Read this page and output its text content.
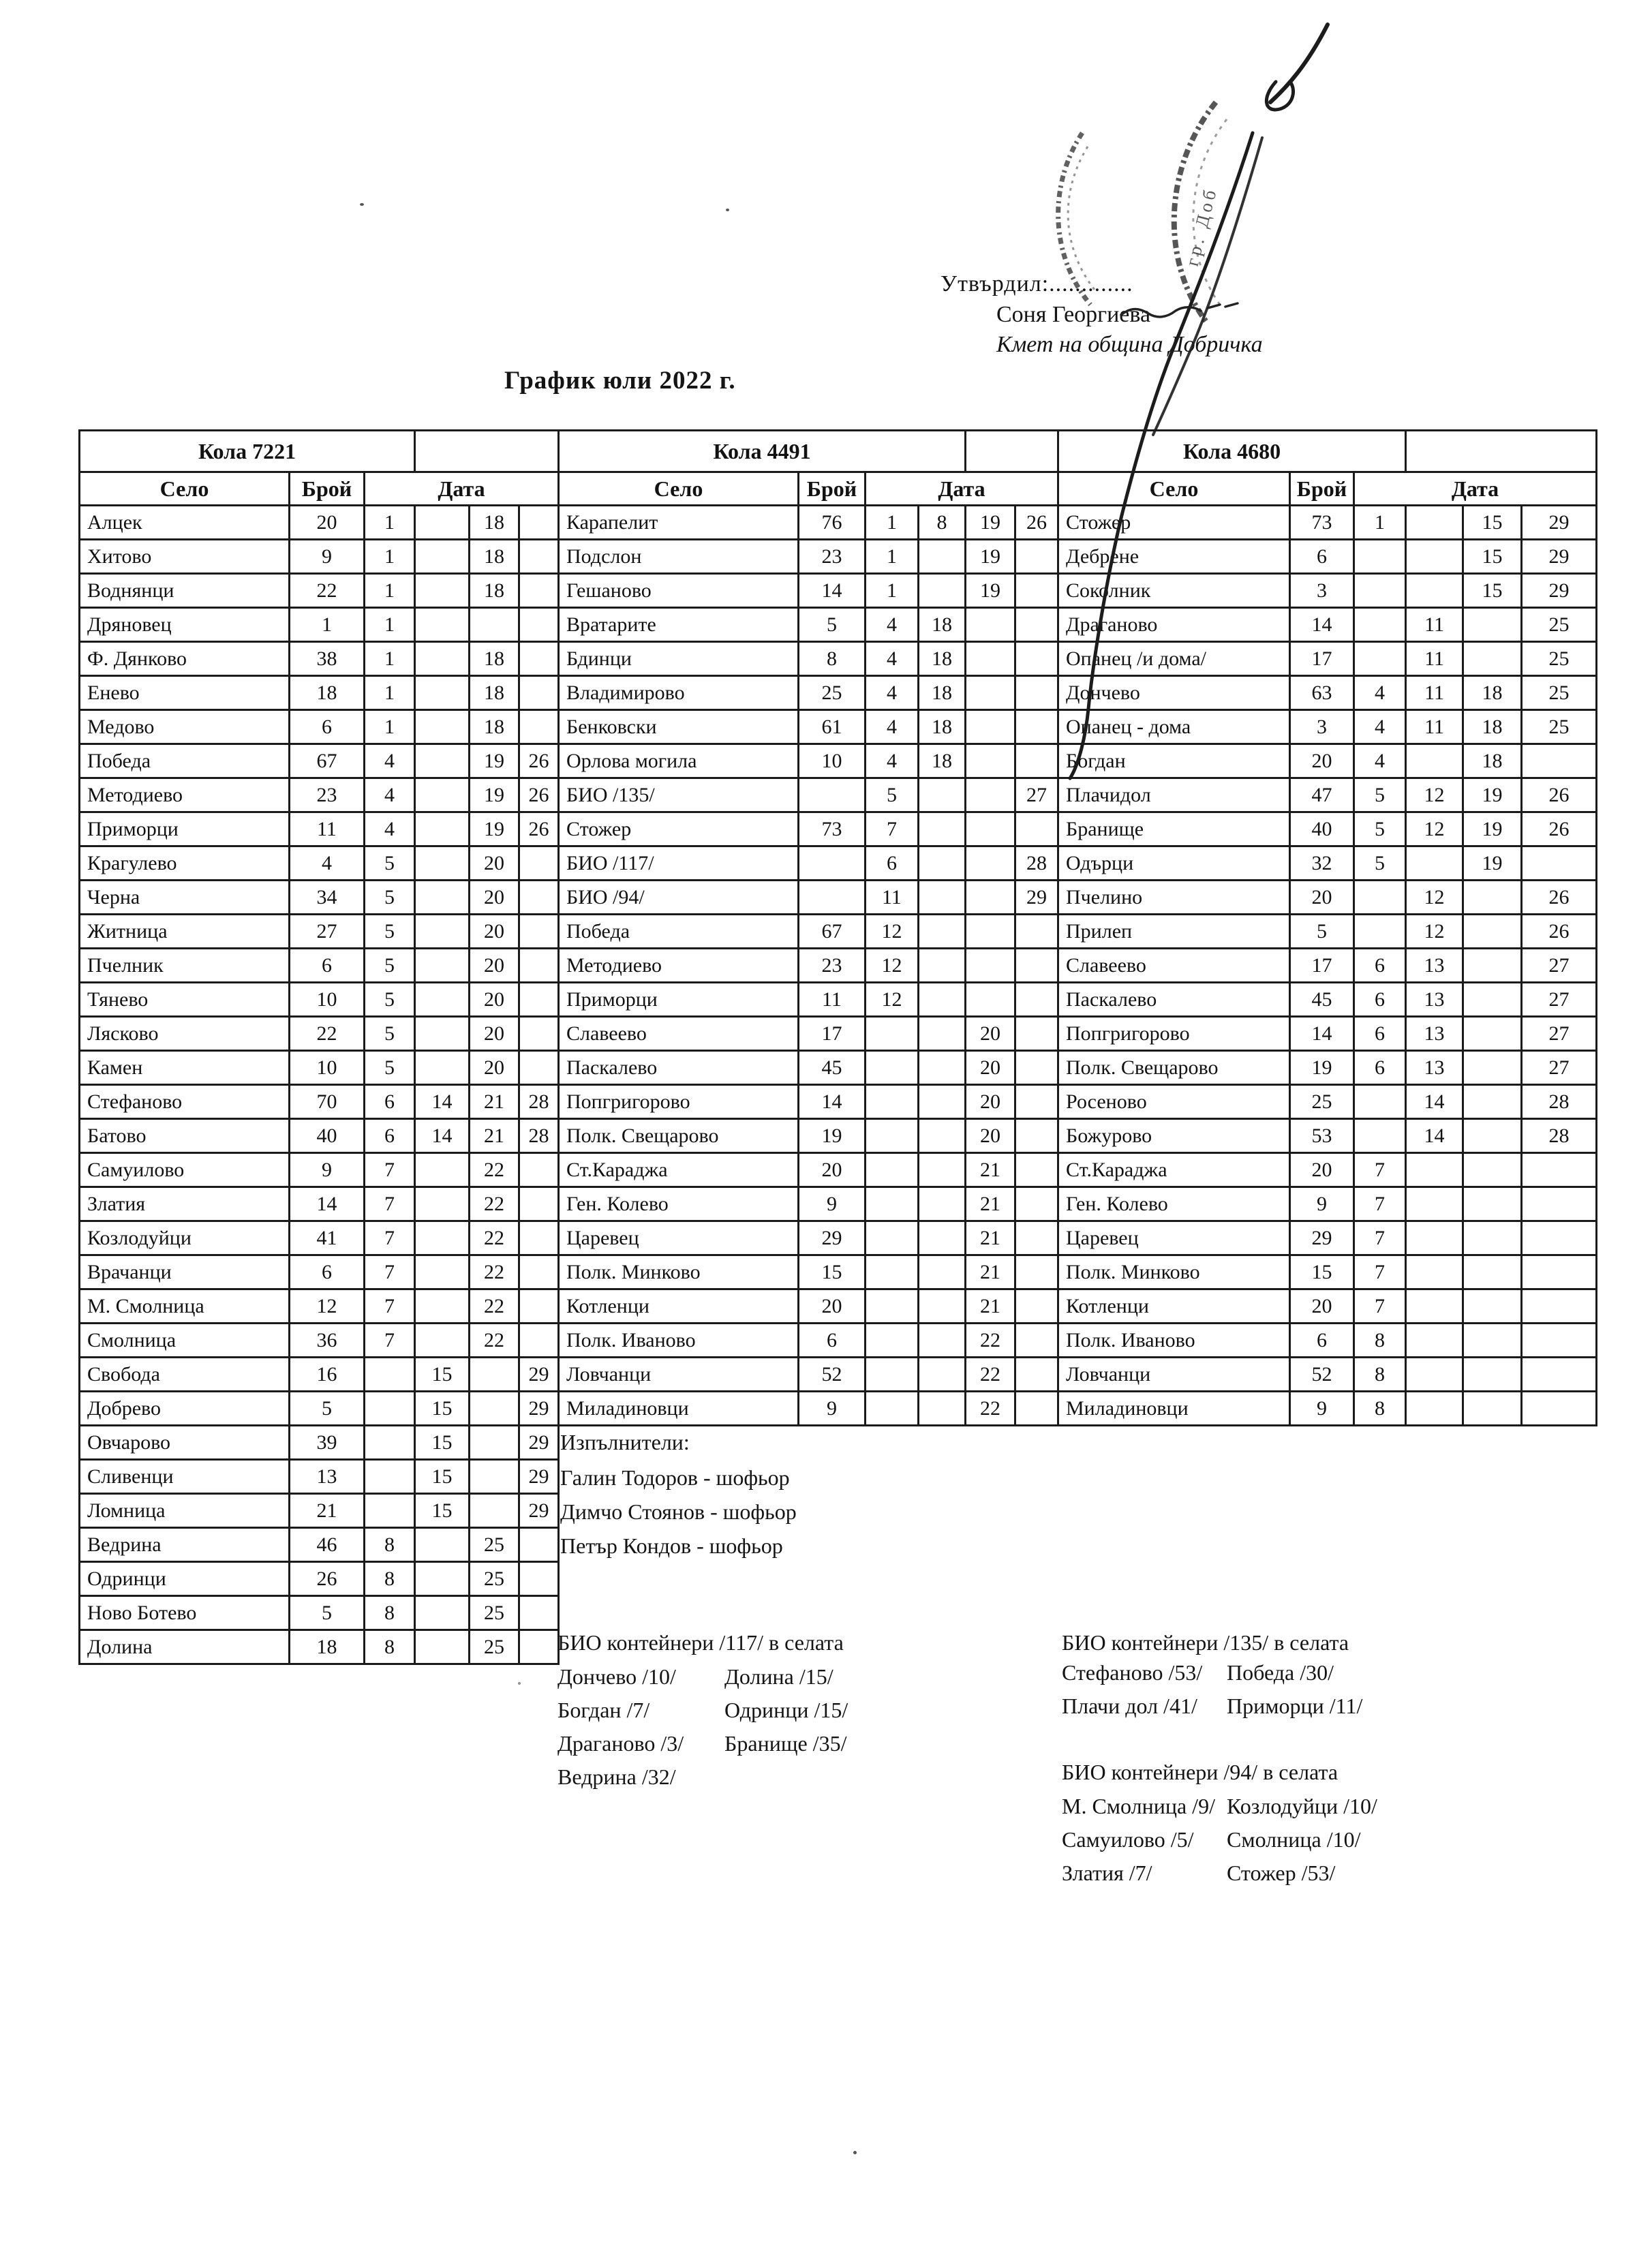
Утвърдил:.............
Соня Георгиева
Кмет на община Добричка
График юли 2022 г.
Кола 7221					
Село	Брой	Дата			
Алцек	20	1		18	
Хитово	9	1		18	
Воднянци	22	1		18	
Дряновец	1	1			
Ф. Дянково	38	1		18	
Енево	18	1		18	
Медово	6	1		18	
Победа	67	4		19	26
Методиево	23	4		19	26
Приморци	11	4		19	26
Крагулево	4	5		20	
Черна	34	5		20	
Житница	27	5		20	
Пчелник	6	5		20	
Тянево	10	5		20	
Лясково	22	5		20	
Камен	10	5		20	
Стефаново	70	6	14	21	28
Батово	40	6	14	21	28
Самуилово	9	7		22	
Златия	14	7		22	
Козлодуйци	41	7		22	
Врачанци	6	7		22	
М. Смолница	12	7		22	
Смолница	36	7		22	
Свобода	16		15		29
Добрево	5		15		29
Овчарово	39		15		29
Сливенци	13		15		29
Ломница	21		15		29
Ведрина	46	8		25	
Одринци	26	8		25	
Ново Ботево	5	8		25	
Долина	18	8		25	
Кола 4491					
Село	Брой	Дата			
Карапелит	76	1	8	19	26
Подслон	23	1		19	
Гешаново	14	1		19	
Вратарите	5	4	18		
Бдинци	8	4	18		
Владимирово	25	4	18		
Бенковски	61	4	18		
Орлова могила	10	4	18		
БИО /135/		5			27
Стожер	73	7			
БИО /117/		6			28
БИО /94/		11			29
Победа	67	12			
Методиево	23	12			
Приморци	11	12			
Славеево	17			20	
Паскалево	45			20	
Попгригорово	14			20	
Полк. Свещарово	19			20	
Ст.Караджа	20			21	
Ген. Колево	9			21	
Царевец	29			21	
Полк. Минково	15			21	
Котленци	20			21	
Полк. Иваново	6			22	
Ловчанци	52			22	
Миладиновци	9			22	
Кола 4680					
Село	Брой	Дата			
Стожер	73	1		15	29
Дебрене	6			15	29
Соколник	3			15	29
Драганово	14		11		25
Опанец /и дома/	17		11		25
Дончево	63	4	11	18	25
Опанец - дома	3	4	11	18	25
Богдан	20	4		18	
Плачидол	47	5	12	19	26
Бранище	40	5	12	19	26
Одърци	32	5		19	
Пчелино	20		12		26
Прилеп	5		12		26
Славеево	17	6	13		27
Паскалево	45	6	13		27
Попгригорово	14	6	13		27
Полк. Свещарово	19	6	13		27
Росеново	25		14		28
Божурово	53		14		28
Ст.Караджа	20	7			
Ген. Колево	9	7			
Царевец	29	7			
Полк. Минково	15	7			
Котленци	20	7			
Полк. Иваново	6	8			
Ловчанци	52	8			
Миладиновци	9	8			
Изпълнители:
Галин Тодоров - шофьор
Димчо Стоянов - шофьор
Петър Кондов - шофьор
БИО контейнери /117/ в селата
Дончево /10/
Богдан /7/
Драганово /3/
Ведрина /32/
Долина /15/
Одринци /15/
Бранище /35/
БИО контейнери /135/ в селата
Стефаново /53/
Плачи дол /41/
Победа /30/
Приморци /11/
БИО контейнери /94/ в селата
М. Смолница /9/
Самуилово /5/
Златия /7/
Козлодуйци /10/
Смолница /10/
Стожер /53/
гр. Доб
